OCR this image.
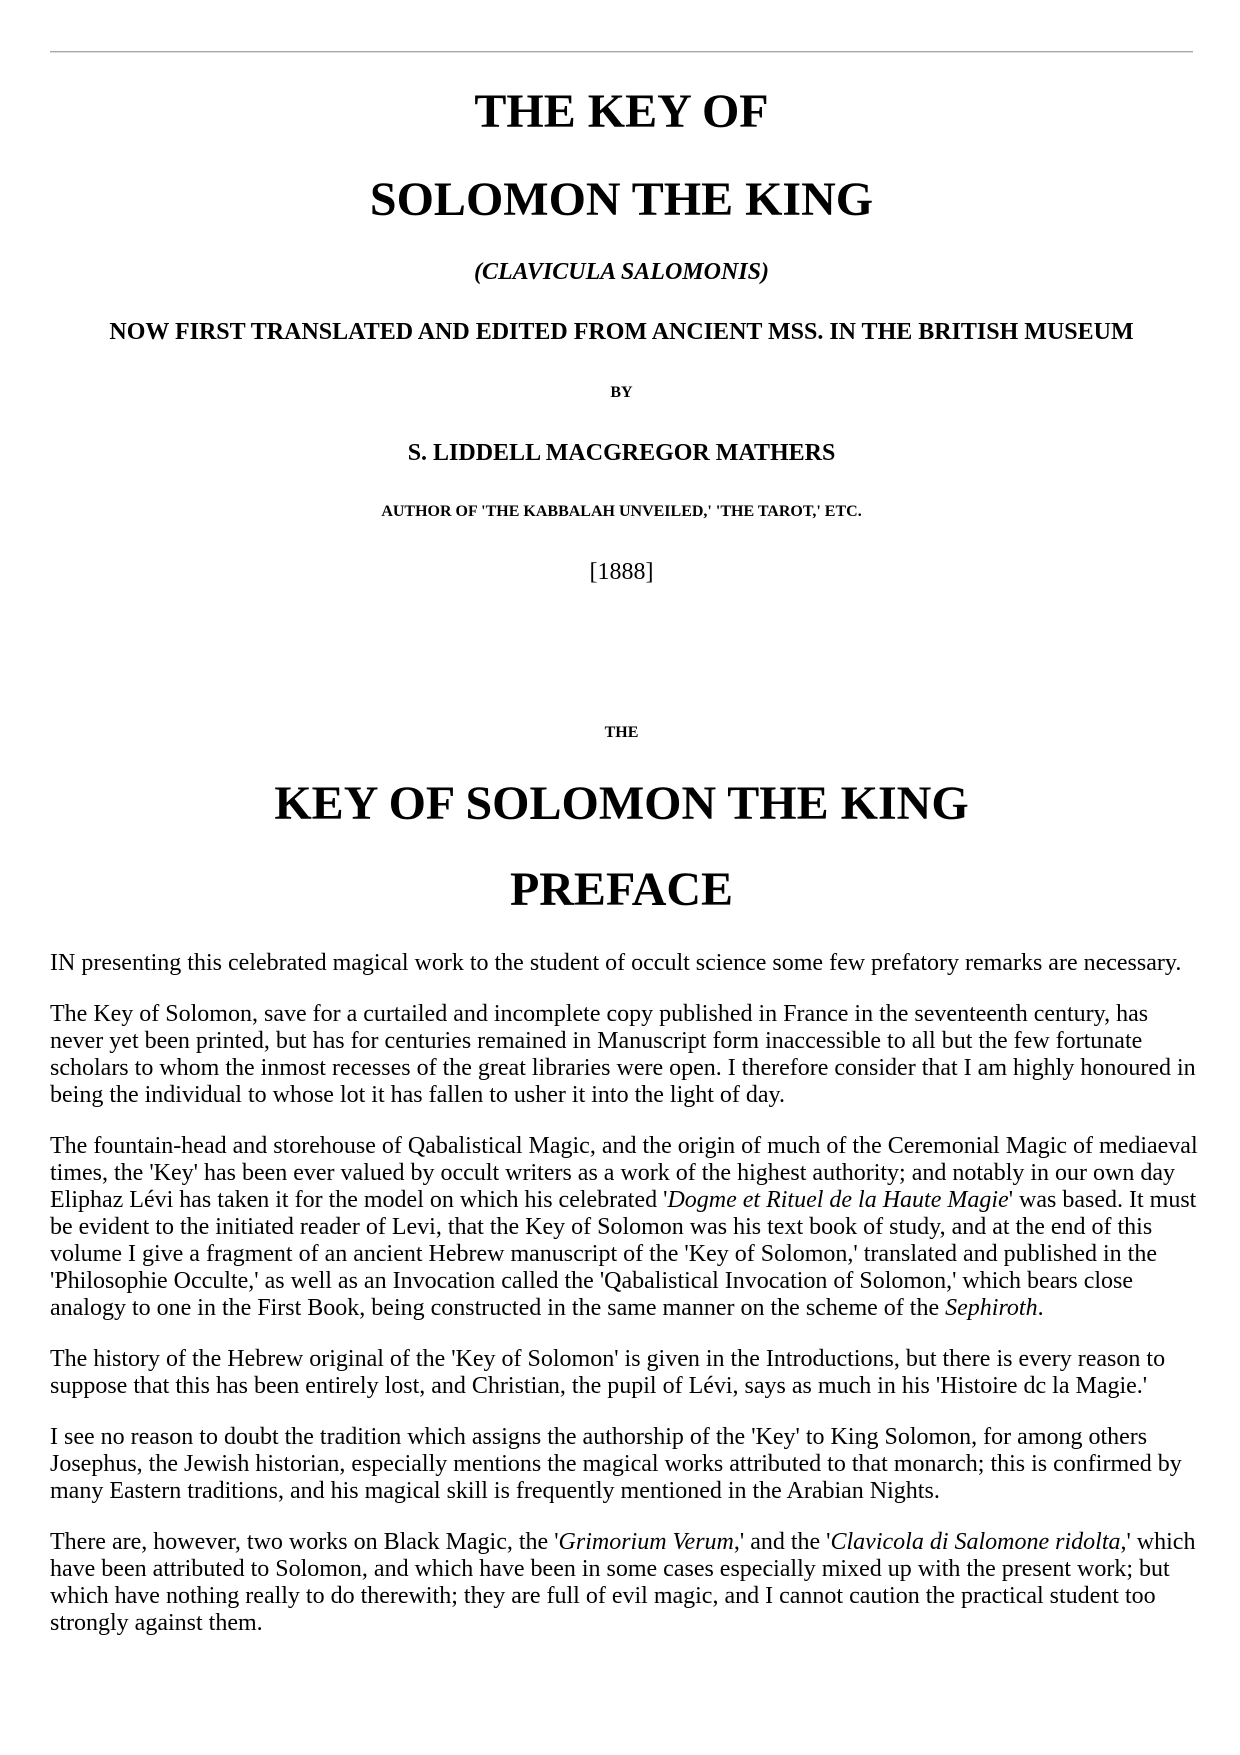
THE KEY OF
SOLOMON THE KING
(CLAVICULA SALOMONIS)
NOW FIRST TRANSLATED AND EDITED FROM ANCIENT MSS. IN THE BRITISH MUSEUM
BY
S. LIDDELL MACGREGOR MATHERS
AUTHOR OF 'THE KABBALAH UNVEILED,' 'THE TAROT,' ETC.
[1888]
THE
KEY OF SOLOMON THE KING
PREFACE
IN presenting this celebrated magical work to the student of occult science some few prefatory remarks are necessary.
The Key of Solomon, save for a curtailed and incomplete copy published in France in the seventeenth century, has
never yet been printed, but has for centuries remained in Manuscript form inaccessible to all but the few fortunate
scholars to whom the inmost recesses of the great libraries were open. I therefore consider that I am highly honoured in
being the individual to whose lot it has fallen to usher it into the light of day.
The fountain-head and storehouse of Qabalistical Magic, and the origin of much of the Ceremonial Magic of mediaeval
times, the 'Key' has been ever valued by occult writers as a work of the highest authority; and notably in our own day
Eliphaz Lévi has taken it for the model on which his celebrated 'Dogme et Rituel de la Haute Magie' was based. It must
be evident to the initiated reader of Levi, that the Key of Solomon was his text book of study, and at the end of this
volume I give a fragment of an ancient Hebrew manuscript of the 'Key of Solomon,' translated and published in the
'Philosophie Occulte,' as well as an Invocation called the 'Qabalistical Invocation of Solomon,' which bears close
analogy to one in the First Book, being constructed in the same manner on the scheme of the Sephiroth.
The history of the Hebrew original of the 'Key of Solomon' is given in the Introductions, but there is every reason to
suppose that this has been entirely lost, and Christian, the pupil of Lévi, says as much in his 'Histoire dc la Magie.'
I see no reason to doubt the tradition which assigns the authorship of the 'Key' to King Solomon, for among others
Josephus, the Jewish historian, especially mentions the magical works attributed to that monarch; this is confirmed by
many Eastern traditions, and his magical skill is frequently mentioned in the Arabian Nights.
There are, however, two works on Black Magic, the 'Grimorium Verum,' and the 'Clavicola di Salomone ridolta,' which
have been attributed to Solomon, and which have been in some cases especially mixed up with the present work; but
which have nothing really to do therewith; they are full of evil magic, and I cannot caution the practical student too
strongly against them.
